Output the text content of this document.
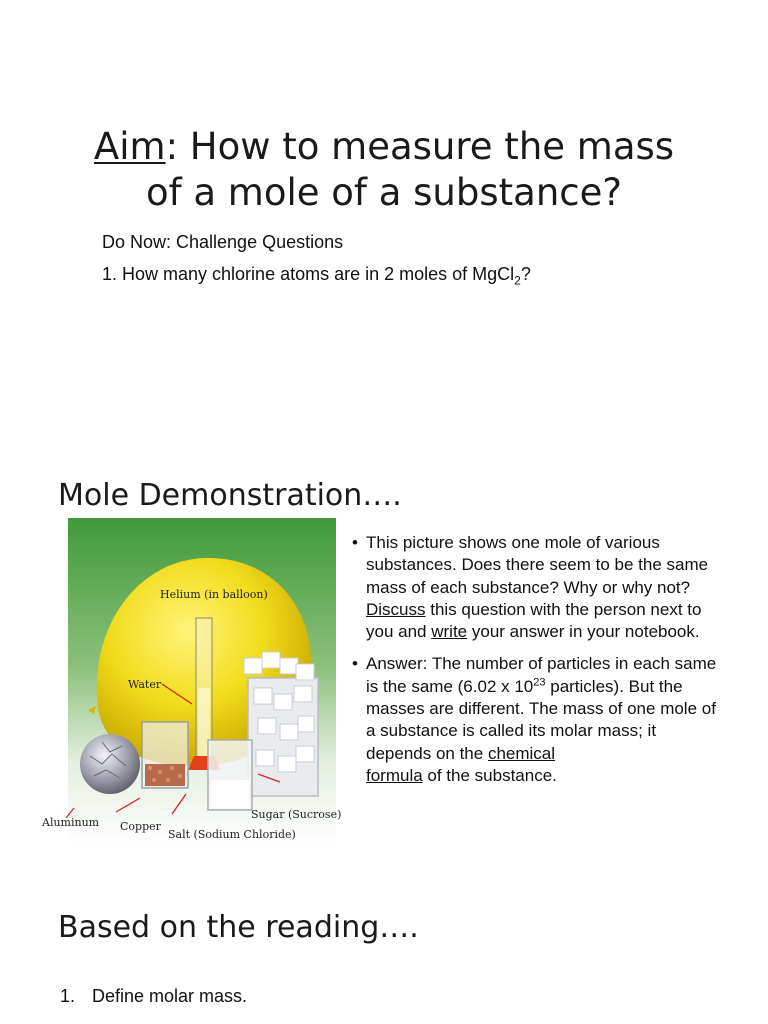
Aim: How to measure the mass
of a mole of a substance?
Do Now: Challenge Questions
1. How many chlorine atoms are in 2 moles of MgCl$_2$?
Mole Demonstration….
Helium (in balloon)
Water
Sugar (Sucrose)
Aluminum Copper
Salt (Sodium Chloride)
• This picture shows one mole of various substances. Does there seem to be the same mass of each substance? Why or why not? Discuss this question with the person next to you and write your answer in your notebook.
• Answer: The number of particles in each same is the same (6.02 x $10^{23}$ particles). But the masses are different. The mass of one mole of a substance is called its molar mass; it depends on the chemical
formula of the substance.
Based on the reading….
1. Define molar mass.
